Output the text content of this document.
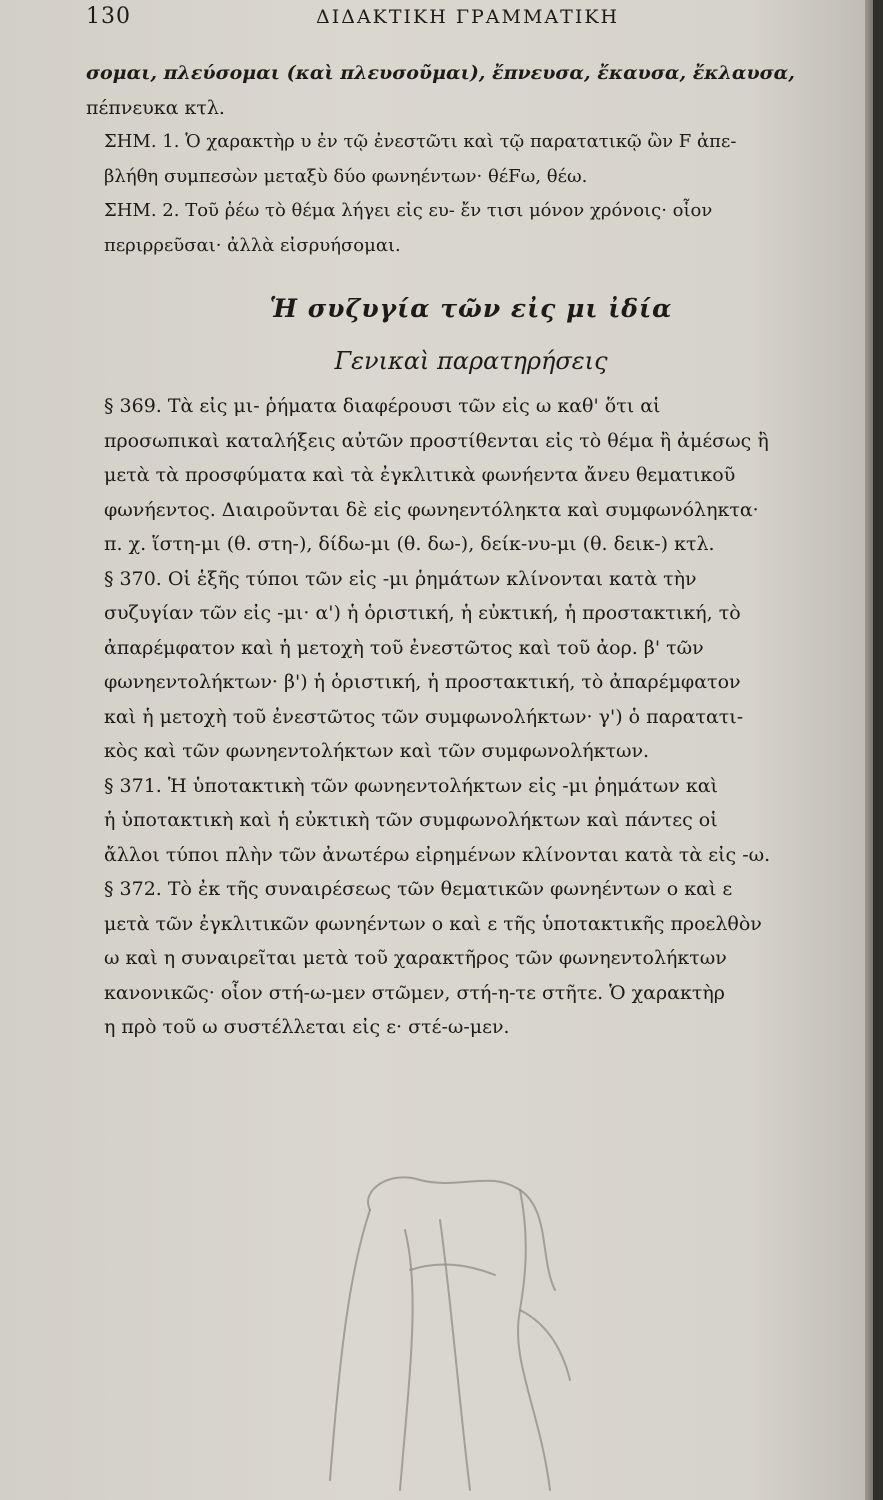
130	ΔΙΔΑΚΤΙΚΗ ΓΡΑΜΜΑΤΙΚΗ

σομαι, πλεύσομαι (καὶ πλευσοῦμαι), ἔπνευσα, ἔκαυσα, ἔκλαυσα,
πέπνευκα κτλ.

ΣΗΜ. 1. Ὁ χαρακτὴρ υ ἐν τῷ ἐνεστῶτι καὶ τῷ παρατατικῷ ὢν F ἀπε-
βλήθη συμπεσὼν μεταξὺ δύο φωνηέντων· θέFω, θέω.

ΣΗΜ. 2. Τοῦ ῥέω τὸ θέμα λήγει εἰς ευ- ἔν τισι μόνον χρόνοις· οἷον
περιρρεῦσαι· ἀλλὰ εἰσρυήσομαι.

Ἡ συζυγία τῶν εἰς μι ἰδία
Γενικαὶ παρατηρήσεις

§ 369. Τὰ εἰς μι- ῥήματα διαφέρουσι τῶν εἰς ω καθ' ὅτι αἱ
προσωπικαὶ καταλήξεις αὐτῶν προστίθενται εἰς τὸ θέμα ἢ ἀμέσως ἢ
μετὰ τὰ προσφύματα καὶ τὰ ἐγκλιτικὰ φωνήεντα ἄνευ θεματικοῦ
φωνήεντος. Διαιροῦνται δὲ εἰς φωνηεντόληκτα καὶ συμφωνόληκτα·
π. χ. ἵστη-μι (θ. στη-), δίδω-μι (θ. δω-), δείκ-νυ-μι (θ. δεικ-) κτλ.

§ 370. Οἱ ἑξῆς τύποι τῶν εἰς -μι ῥημάτων κλίνονται κατὰ τὴν
συζυγίαν τῶν εἰς -μι· α') ἡ ὁριστική, ἡ εὐκτική, ἡ προστακτική, τὸ
ἀπαρέμφατον καὶ ἡ μετοχὴ τοῦ ἐνεστῶτος καὶ τοῦ ἀορ. β' τῶν
φωνηεντολήκτων· β') ἡ ὁριστική, ἡ προστακτική, τὸ ἀπαρέμφατον
καὶ ἡ μετοχὴ τοῦ ἐνεστῶτος τῶν συμφωνολήκτων· γ') ὁ παρατατι-
κὸς καὶ τῶν φωνηεντολήκτων καὶ τῶν συμφωνολήκτων.

§ 371. Ἡ ὑποτακτικὴ τῶν φωνηεντολήκτων εἰς -μι ῥημάτων καὶ
ἡ ὑποτακτικὴ καὶ ἡ εὐκτικὴ τῶν συμφωνολήκτων καὶ πάντες οἱ
ἄλλοι τύποι πλὴν τῶν ἀνωτέρω εἰρημένων κλίνονται κατὰ τὰ εἰς -ω.

§ 372. Τὸ ἐκ τῆς συναιρέσεως τῶν θεματικῶν φωνηέντων ο καὶ ε
μετὰ τῶν ἐγκλιτικῶν φωνηέντων ο καὶ ε τῆς ὑποτακτικῆς προελθὸν
ω καὶ η συναιρεῖται μετὰ τοῦ χαρακτῆρος τῶν φωνηεντολήκτων
κανονικῶς· οἷον στή-ω-μεν στῶμεν, στή-η-τε στῆτε. Ὁ χαρακτὴρ
η πρὸ τοῦ ω συστέλλεται εἰς ε· στέ-ω-μεν.
